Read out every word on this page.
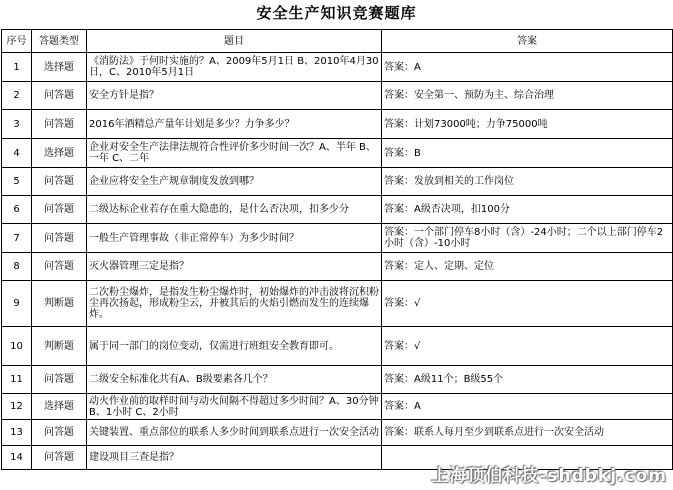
安全生产知识竞赛题库
序号	答题类型	题目	答案
1	选择题	《消防法》于何时实施的？A、2009年5月1日 B、2010年4月30日，C、2010年5月1日	答案：A
2	问答题	安全方针是指？	答案：安全第一、预防为主、综合治理
3	问答题	2016年酒精总产量年计划是多少？力争多少？	答案：计划73000吨；力争75000吨
4	选择题	企业对安全生产法律法规符合性评价多少时间一次？A、半年 B、一年 C、二年	答案：B
5	问答题	企业应将安全生产规章制度发放到哪？	答案：发放到相关的工作岗位
6	问答题	二级达标企业若存在重大隐患的，是什么否决项，扣多少分	答案：A级否决项，扣100分
7	问答题	一般生产管理事故（非正常停车）为多少时间？	答案：一个部门停车8小时（含）-24小时；二个以上部门停车2小时（含）-10小时
8	问答题	灭火器管理三定是指？	答案：定人、定期、定位
9	判断题	二次粉尘爆炸，是指发生粉尘爆炸时，初始爆炸的冲击波将沉积粉尘再次扬起，形成粉尘云，并被其后的火焰引燃而发生的连续爆炸。	答案：√
10	判断题	属于同一部门的岗位变动，仅需进行班组安全教育即可。	答案：√
11	问答题	二级安全标准化共有A、B级要素各几个？	答案：A级11个；B级55个
12	选择题	动火作业前的取样时间与动火间隔不得超过多少时间？A、30分钟 B、1小时 C、2小时	答案：A
13	问答题	关键装置、重点部位的联系人多少时间到联系点进行一次安全活动	答案：联系人每月至少到联系点进行一次安全活动
14	问答题	建设项目三查是指？	
上海顶伯科技-shdbkj.com
